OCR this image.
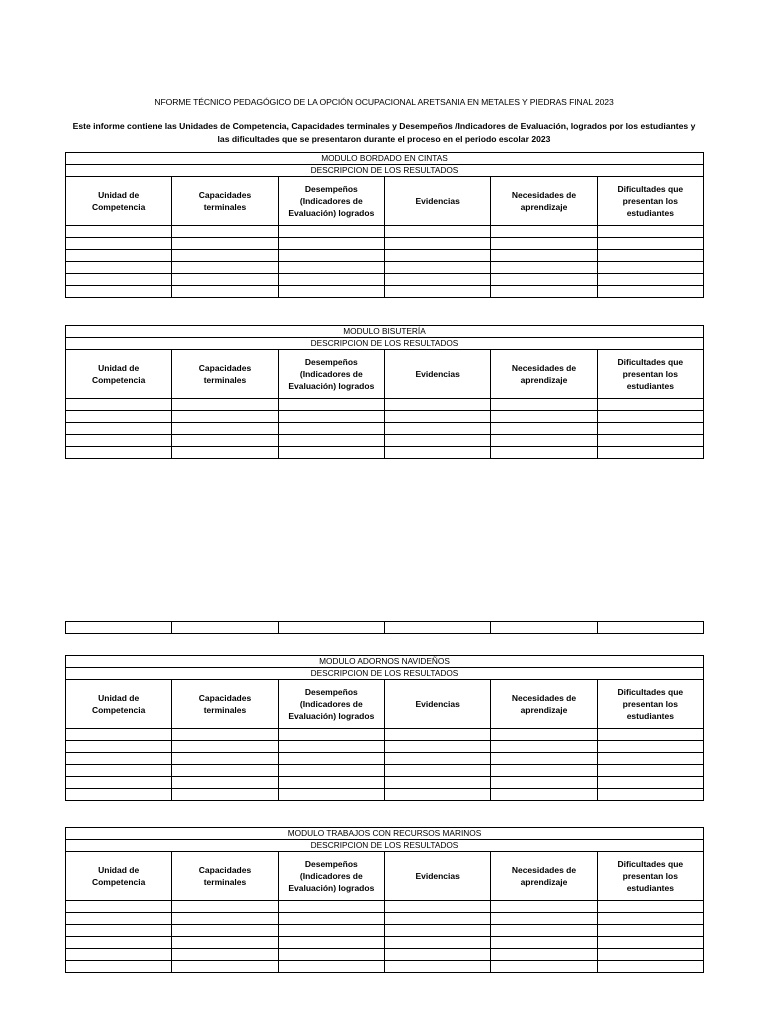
NFORME TÉCNICO PEDAGÓGICO DE LA OPCIÓN OCUPACIONAL ARETSANIA EN METALES Y PIEDRAS FINAL 2023
Este informe contiene las Unidades de Competencia, Capacidades terminales y Desempeños /Indicadores de Evaluación, logrados por los estudiantes y
las dificultades que se presentaron durante el proceso en el periodo escolar 2023
MODULO BORDADO EN CINTAS					
DESCRIPCION DE LOS RESULTADOS					
Unidad de Competencia	Capacidades terminales	Desempeños (Indicadores de Evaluación) logrados	Evidencias	Necesidades de aprendizaje	Dificultades que presentan los estudiantes

MODULO BISUTERÍA					
DESCRIPCION DE LOS RESULTADOS					
Unidad de Competencia	Capacidades terminales	Desempeños (Indicadores de Evaluación) logrados	Evidencias	Necesidades de aprendizaje	Dificultades que presentan los estudiantes

MODULO ADORNOS NAVIDEÑOS					
DESCRIPCION DE LOS RESULTADOS					
Unidad de Competencia	Capacidades terminales	Desempeños (Indicadores de Evaluación) logrados	Evidencias	Necesidades de aprendizaje	Dificultades que presentan los estudiantes

MODULO TRABAJOS CON RECURSOS MARINOS					
DESCRIPCION DE LOS RESULTADOS					
Unidad de Competencia	Capacidades terminales	Desempeños (Indicadores de Evaluación) logrados	Evidencias	Necesidades de aprendizaje	Dificultades que presentan los estudiantes
